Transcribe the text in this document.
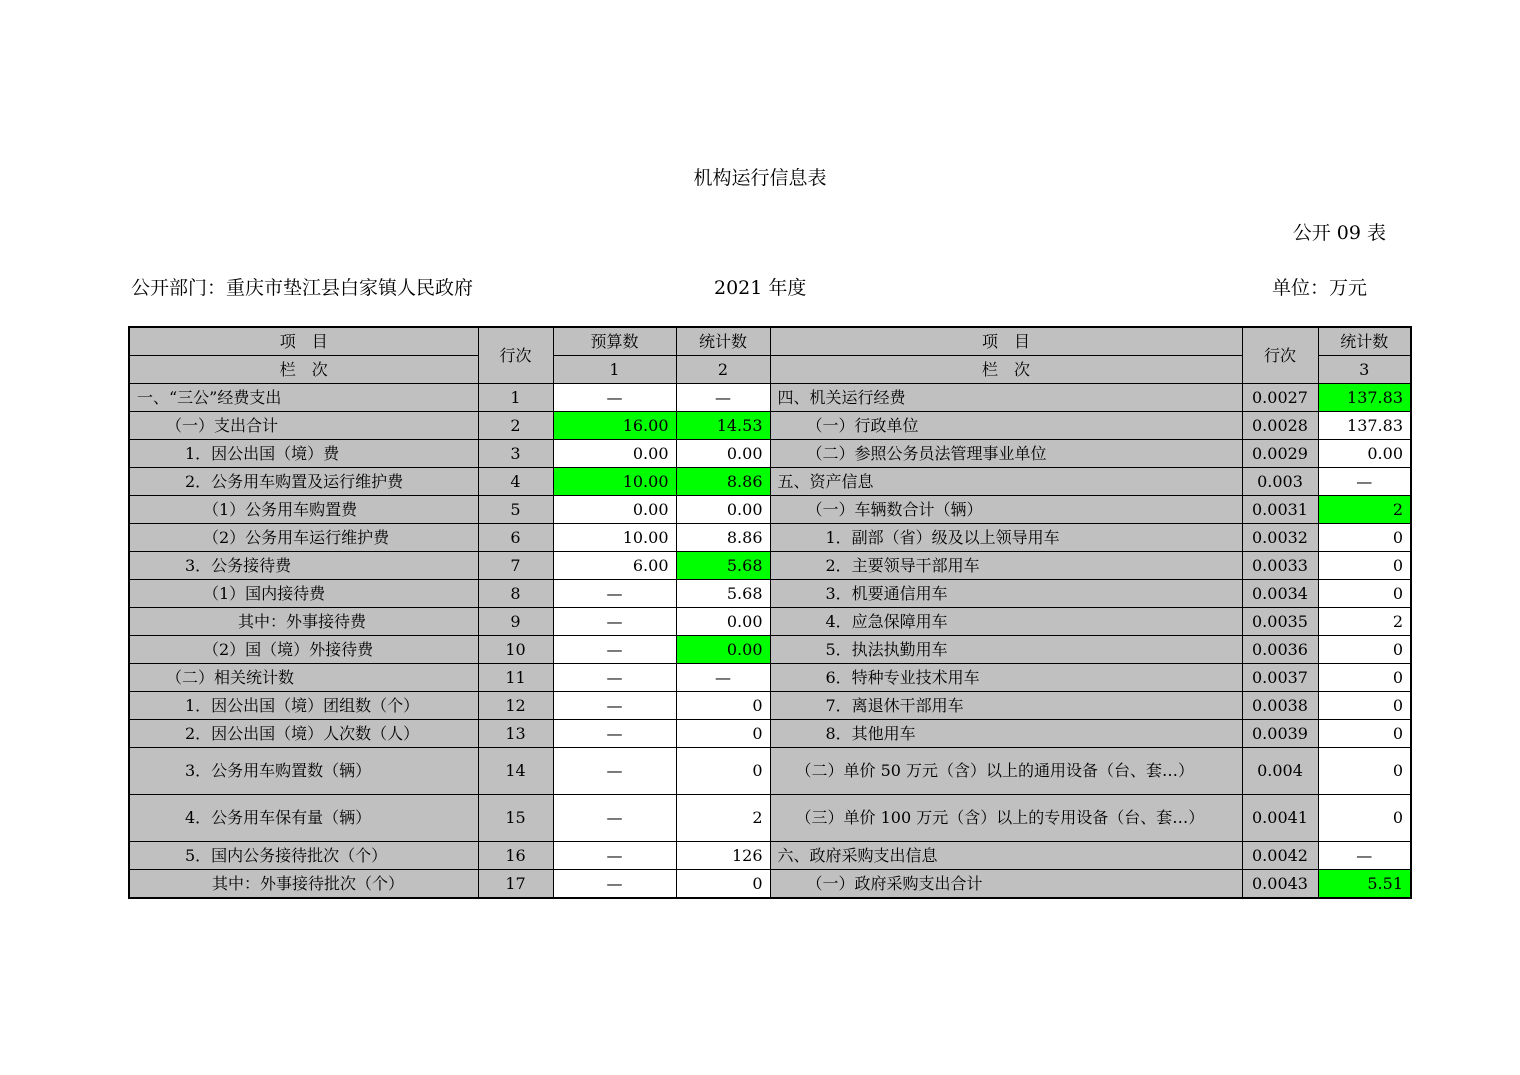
机构运行信息表
公开 09 表
公开部门：重庆市垫江县白家镇人民政府	2021 年度	单位：万元
项　目	行次	预算数	统计数	项　目	行次	统计数
栏　次		1	2	栏　次		3
一、“三公”经费支出	1	—	—	四、机关运行经费	0.0027	137.83
（一）支出合计	2	16.00	14.53	（一）行政单位	0.0028	137.83
1．因公出国（境）费	3	0.00	0.00	（二）参照公务员法管理事业单位	0.0029	0.00
2．公务用车购置及运行维护费	4	10.00	8.86	五、资产信息	0.003	—
（1）公务用车购置费	5	0.00	0.00	（一）车辆数合计（辆）	0.0031	2
（2）公务用车运行维护费	6	10.00	8.86	1．副部（省）级及以上领导用车	0.0032	0
3．公务接待费	7	6.00	5.68	2．主要领导干部用车	0.0033	0
（1）国内接待费	8	—	5.68	3．机要通信用车	0.0034	0
其中：外事接待费	9	—	0.00	4．应急保障用车	0.0035	2
（2）国（境）外接待费	10	—	0.00	5．执法执勤用车	0.0036	0
（二）相关统计数	11	—	—	6．特种专业技术用车	0.0037	0
1．因公出国（境）团组数（个）	12	—	0	7．离退休干部用车	0.0038	0
2．因公出国（境）人次数（人）	13	—	0	8．其他用车	0.0039	0
3．公务用车购置数（辆）	14	—	0	（二）单价 50 万元（含）以上的通用设备（台、套…）	0.004	0
4．公务用车保有量（辆）	15	—	2	（三）单价 100 万元（含）以上的专用设备（台、套…）	0.0041	0
5．国内公务接待批次（个）	16	—	126	六、政府采购支出信息	0.0042	—
其中：外事接待批次（个）	17	—	0	（一）政府采购支出合计	0.0043	5.51
